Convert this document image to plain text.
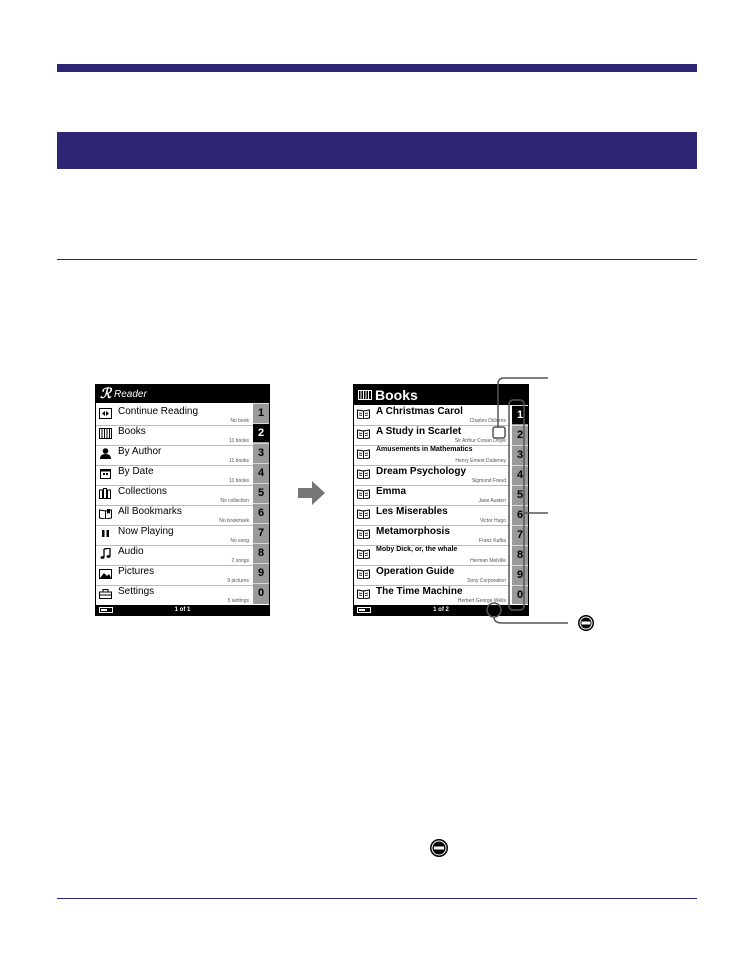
ℛ Reader
Continue Reading
No book
Books
11 books
By Author
11 books
By Date
11 books
Collections
No collection
All Bookmarks
No bookmark
Now Playing
No song
Audio
2 songs
Pictures
9 pictures
Settings
5 settings
1
2
3
4
5
6
7
8
9
0
1 of 1
Books
A Christmas Carol
Charles Dickens
A Study in Scarlet
Sir Arthur Conan Doyle
Amusements in Mathematics
Henry Ernest Dudeney
Dream Psychology
Sigmund Freud
Emma
Jane Austen
Les Miserables
Victor Hugo
Metamorphosis
Franz Kafka
Moby Dick, or, the whale
Herman Melville
Operation Guide
Sony Corporation
The Time Machine
Herbert George Wells
1
2
3
4
5
6
7
8
9
0
1 of 2
